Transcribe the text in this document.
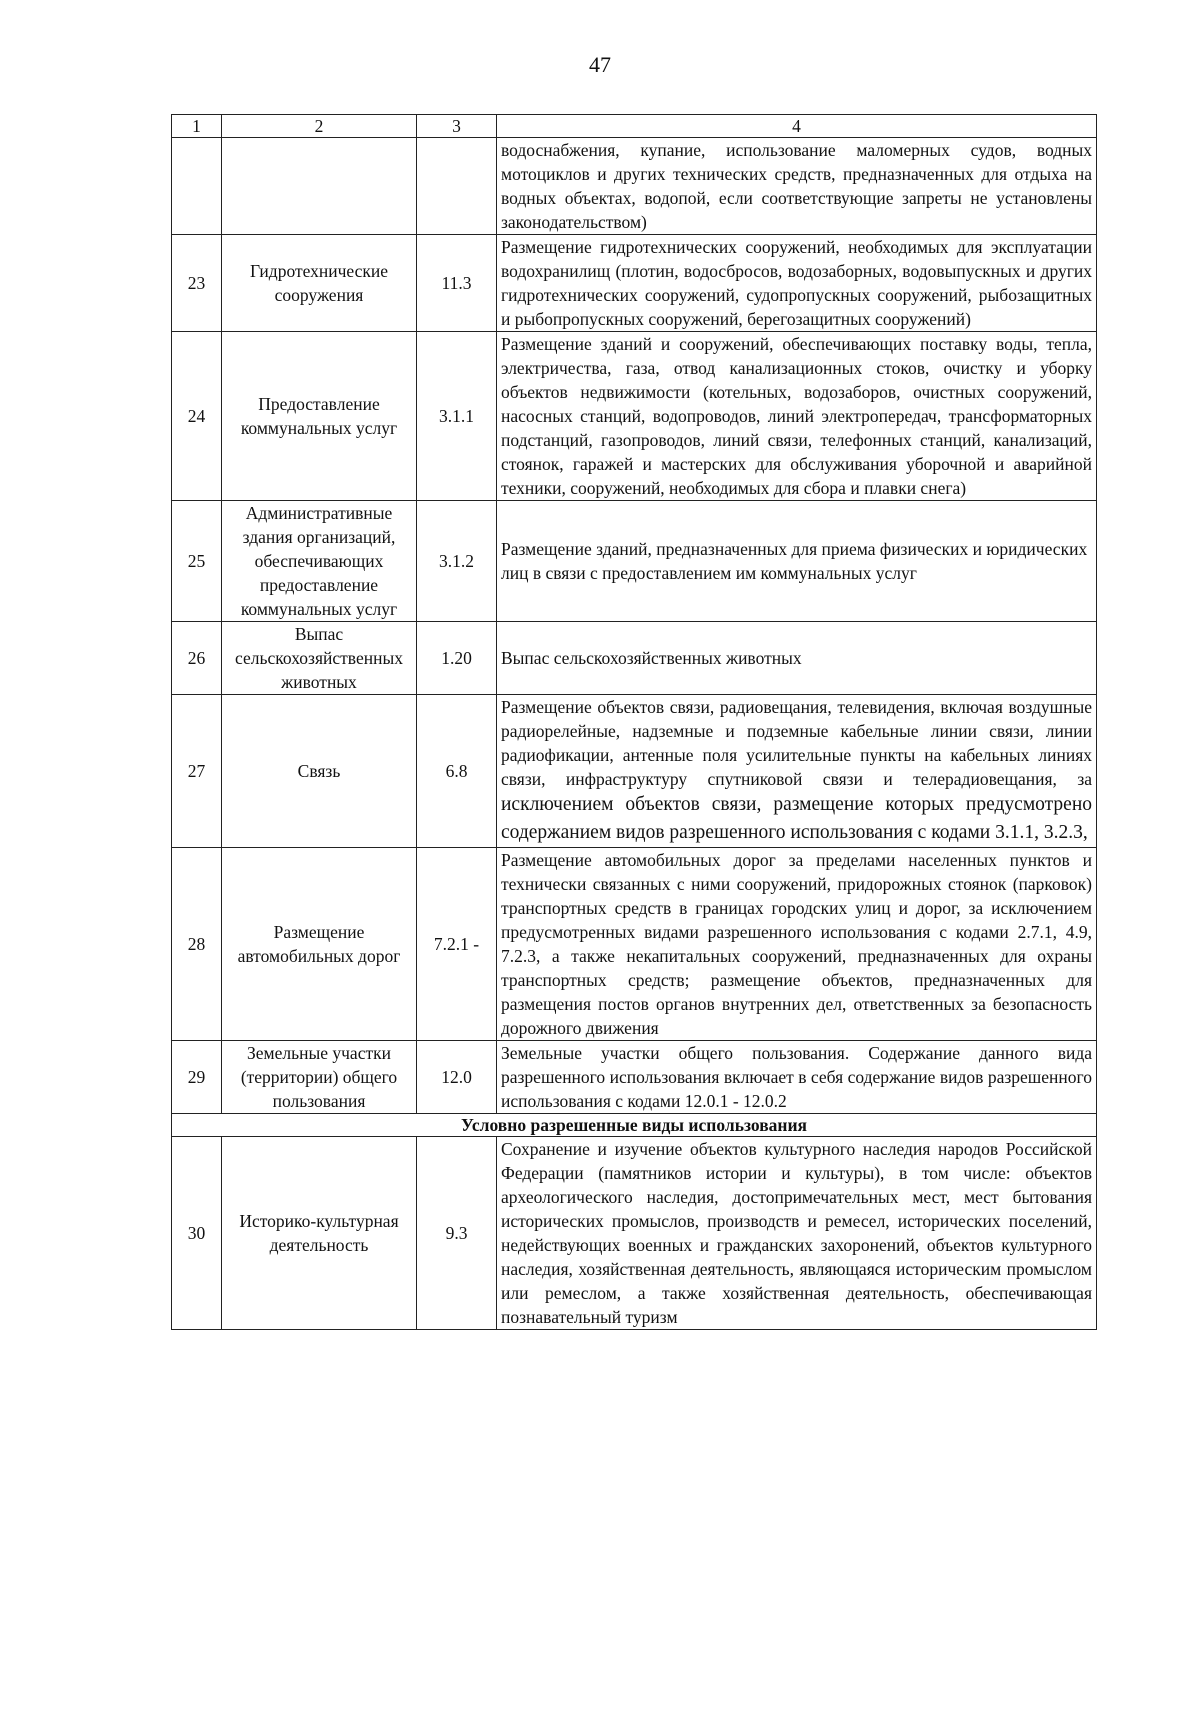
47
1	2	3	4
			водоснабжения, купание, использование маломерных судов, водных мотоциклов и других технических средств, предназначенных для отдыха на водных объектах, водопой, если соответствующие запреты не установлены законодательством)
23	Гидротехнические сооружения	11.3	Размещение гидротехнических сооружений, необходимых для эксплуатации водохранилищ (плотин, водосбросов, водозаборных, водовыпускных и других гидротехнических сооружений, судопропускных сооружений, рыбозащитных и рыбопропускных сооружений, берегозащитных сооружений)
24	Предоставление коммунальных услуг	3.1.1	Размещение зданий и сооружений, обеспечивающих поставку воды, тепла, электричества, газа, отвод канализационных стоков, очистку и уборку объектов недвижимости (котельных, водозаборов, очистных сооружений, насосных станций, водопроводов, линий электропередач, трансформаторных подстанций, газопроводов, линий связи, телефонных станций, канализаций, стоянок, гаражей и мастерских для обслуживания уборочной и аварийной техники, сооружений, необходимых для сбора и плавки снега)
25	Административные здания организаций, обеспечивающих предоставление коммунальных услуг	3.1.2	Размещение зданий, предназначенных для приема физических и юридических лиц в связи с предоставлением им коммунальных услуг
26	Выпас сельскохозяйственных животных	1.20	Выпас сельскохозяйственных животных
27	Связь	6.8	Размещение объектов связи, радиовещания, телевидения, включая воздушные радиорелейные, надземные и подземные кабельные линии связи, линии радиофикации, антенные поля усилительные пункты на кабельных линиях связи, инфраструктуру спутниковой связи и телерадиовещания, за исключением объектов связи, размещение которых предусмотрено содержанием видов разрешенного использования с кодами 3.1.1, 3.2.3,
28	Размещение автомобильных дорог	7.2.1 -	Размещение автомобильных дорог за пределами населенных пунктов и технически связанных с ними сооружений, придорожных стоянок (парковок) транспортных средств в границах городских улиц и дорог, за исключением предусмотренных видами разрешенного использования с кодами 2.7.1, 4.9, 7.2.3, а также некапитальных сооружений, предназначенных для охраны транспортных средств; размещение объектов, предназначенных для размещения постов органов внутренних дел, ответственных за безопасность дорожного движения
29	Земельные участки (территории) общего пользования	12.0	Земельные участки общего пользования. Содержание данного вида разрешенного использования включает в себя содержание видов разрешенного использования с кодами 12.0.1 - 12.0.2
Условно разрешенные виды использования			
30	Историко-культурная деятельность	9.3	Сохранение и изучение объектов культурного наследия народов Российской Федерации (памятников истории и культуры), в том числе: объектов археологического наследия, достопримечательных мест, мест бытования исторических промыслов, производств и ремесел, исторических поселений, недействующих военных и гражданских захоронений, объектов культурного наследия, хозяйственная деятельность, являющаяся историческим промыслом или ремеслом, а также хозяйственная деятельность, обеспечивающая познавательный туризм
